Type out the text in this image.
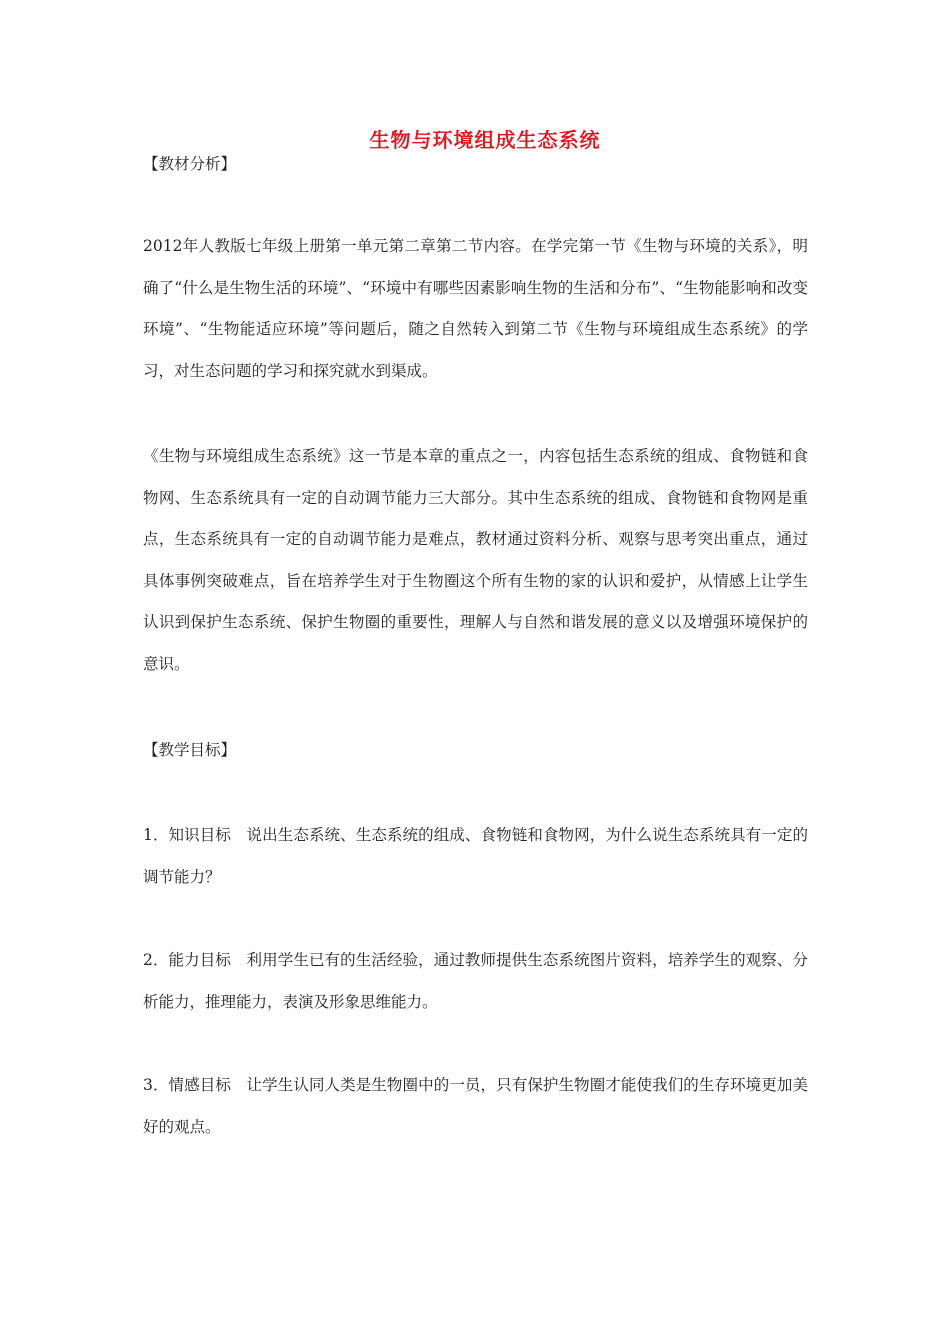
生物与环境组成生态系统
【教材分析】

2012年人教版七年级上册第一单元第二章第二节内容。在学完第一节《生物与环境的关系》，明确了“什么是生物生活的环境”、“环境中有哪些因素影响生物的生活和分布”、“生物能影响和改变环境”、“生物能适应环境”等问题后，随之自然转入到第二节《生物与环境组成生态系统》的学习，对生态问题的学习和探究就水到渠成。

《生物与环境组成生态系统》这一节是本章的重点之一，内容包括生态系统的组成、食物链和食物网、生态系统具有一定的自动调节能力三大部分。其中生态系统的组成、食物链和食物网是重点，生态系统具有一定的自动调节能力是难点，教材通过资料分析、观察与思考突出重点，通过具体事例突破难点，旨在培养学生对于生物圈这个所有生物的家的认识和爱护，从情感上让学生认识到保护生态系统、保护生物圈的重要性，理解人与自然和谐发展的意义以及增强环境保护的意识。

【教学目标】

1．知识目标　说出生态系统、生态系统的组成、食物链和食物网，为什么说生态系统具有一定的调节能力？

2．能力目标　利用学生已有的生活经验，通过教师提供生态系统图片资料，培养学生的观察、分析能力，推理能力，表演及形象思维能力。

3．情感目标　让学生认同人类是生物圈中的一员，只有保护生物圈才能使我们的生存环境更加美好的观点。
